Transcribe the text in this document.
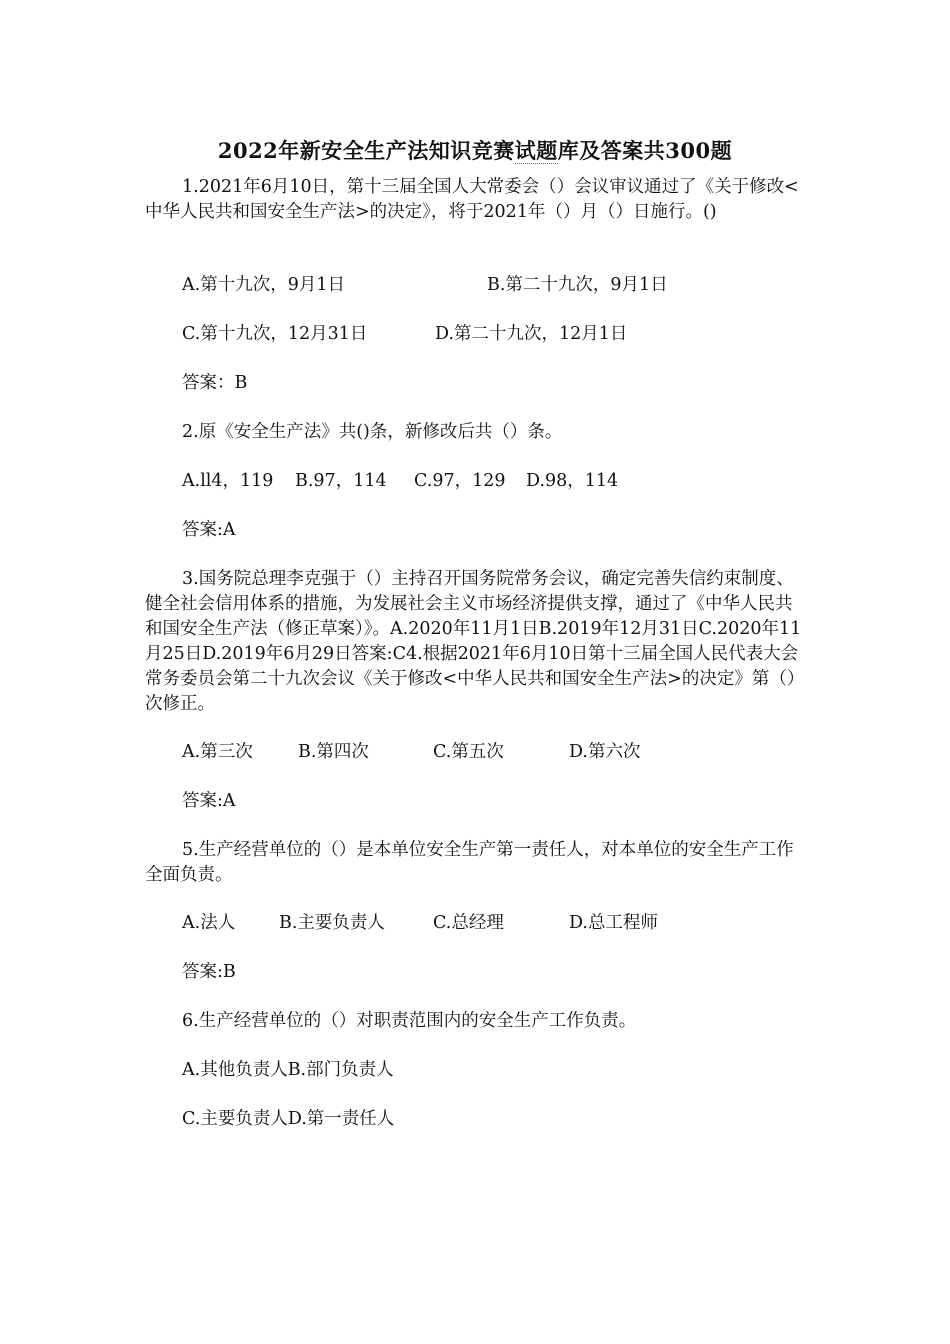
2022年新安全生产法知识竞赛试题库及答案共300题
1.2021年6月10日，第十三届全国人大常委会（）会议审议通过了《关于修改<中华人民共和国安全生产法>的决定》，将于2021年（）月（）日施行。()
A.第十九次，9月1日	B.第二十九次，9月1日
C.第十九次，12月31日	D.第二十九次，12月1日
答案：B
2.原《安全生产法》共()条，新修改后共（）条。
A.ll4，119 B.97，114 C.97，129 D.98，114
答案:A
3.国务院总理李克强于（）主持召开国务院常务会议，确定完善失信约束制度、健全社会信用体系的措施，为发展社会主义市场经济提供支撑，通过了《中华人民共和国安全生产法（修正草案）》。A.2020年11月1日B.2019年12月31日C.2020年11月25日D.2019年6月29日答案:C4.根据2021年6月10日第十三届全国人民代表大会常务委员会第二十九次会议《关于修改<中华人民共和国安全生产法>的决定》第（）次修正。
A.第三次	B.第四次	C.第五次	D.第六次
答案:A
5.生产经营单位的（）是本单位安全生产第一责任人，对本单位的安全生产工作全面负责。
A.法人	B.主要负责人	C.总经理	D.总工程师
答案:B
6.生产经营单位的（）对职责范围内的安全生产工作负责。
A.其他负责人B.部门负责人
C.主要负责人D.第一责任人
